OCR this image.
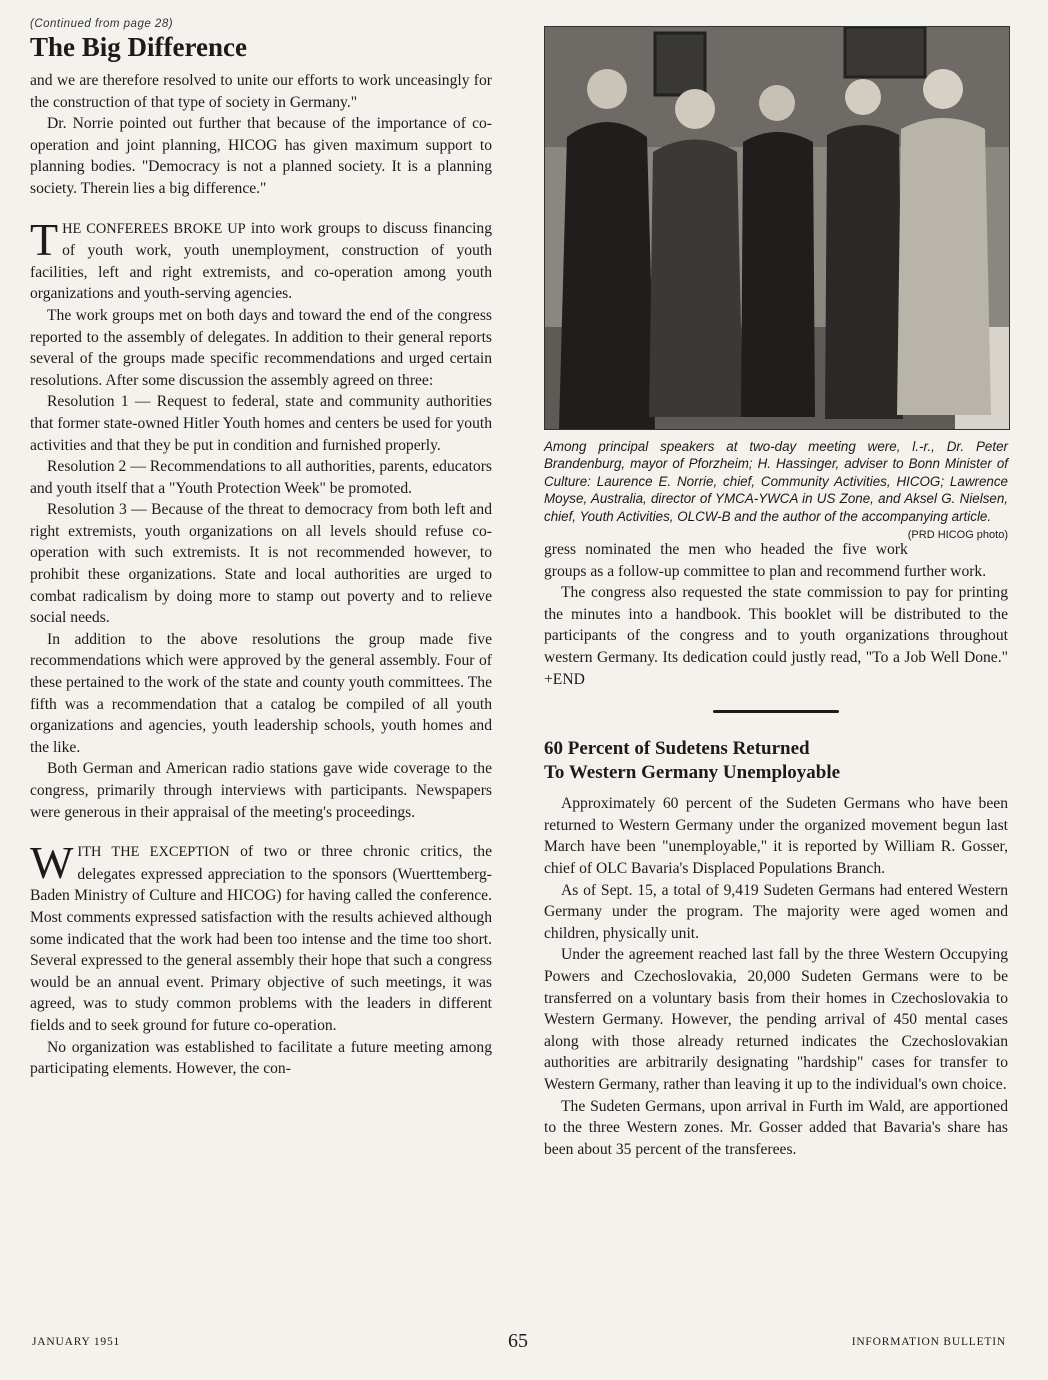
(Continued from page 28)
The Big Difference

and we are therefore resolved to unite our efforts to work unceasingly for the construction of that type of society in Germany."

Dr. Norrie pointed out further that because of the importance of co-operation and joint planning, HICOG has given maximum support to planning bodies. "Democracy is not a planned society. It is a planning society. Therein lies a big difference."

THE CONFEREES BROKE UP into work groups to discuss financing of youth work, youth unemployment, construction of youth facilities, left and right extremists, and co-operation among youth organizations and youth-serving agencies.

The work groups met on both days and toward the end of the congress reported to the assembly of delegates. In addition to their general reports several of the groups made specific recommendations and urged certain resolutions. After some discussion the assembly agreed on three:

Resolution 1 — Request to federal, state and community authorities that former state-owned Hitler Youth homes and centers be used for youth activities and that they be put in condition and furnished properly.

Resolution 2 — Recommendations to all authorities, parents, educators and youth itself that a "Youth Protection Week" be promoted.

Resolution 3 — Because of the threat to democracy from both left and right extremists, youth organizations on all levels should refuse co-operation with such extremists. It is not recommended however, to prohibit these organizations. State and local authorities are urged to combat radicalism by doing more to stamp out poverty and to relieve social needs.

In addition to the above resolutions the group made five recommendations which were approved by the general assembly. Four of these pertained to the work of the state and county youth committees. The fifth was a recommendation that a catalog be compiled of all youth organizations and agencies, youth leadership schools, youth homes and the like.

Both German and American radio stations gave wide coverage to the congress, primarily through interviews with participants. Newspapers were generous in their appraisal of the meeting's proceedings.

WITH THE EXCEPTION of two or three chronic critics, the delegates expressed appreciation to the sponsors (Wuerttemberg-Baden Ministry of Culture and HICOG) for having called the conference. Most comments expressed satisfaction with the results achieved although some indicated that the work had been too intense and the time too short. Several expressed to the general assembly their hope that such a congress would be an annual event. Primary objective of such meetings, it was agreed, was to study common problems with the leaders in different fields and to seek ground for future co-operation.

No organization was established to facilitate a future meeting among participating elements. However, the con-

Among principal speakers at two-day meeting were, l.-r., Dr. Peter Brandenburg, mayor of Pforzheim; H. Hassinger, adviser to Bonn Minister of Culture: Laurence E. Norrie, chief, Community Activities, HICOG; Lawrence Moyse, Australia, director of YMCA-YWCA in US Zone, and Aksel G. Nielsen, chief, Youth Activities, OLCW-B and the author of the accompanying article.
(PRD HICOG photo)

gress nominated the men who headed the five work groups as a follow-up committee to plan and recommend further work.

The congress also requested the state commission to pay for printing the minutes into a handbook. This booklet will be distributed to the participants of the congress and to youth organizations throughout western Germany. Its dedication could justly read, "To a Job Well Done." +END

60 Percent of Sudetens Returned
To Western Germany Unemployable

Approximately 60 percent of the Sudeten Germans who have been returned to Western Germany under the organized movement begun last March have been "unemployable," it is reported by William R. Gosser, chief of OLC Bavaria's Displaced Populations Branch.

As of Sept. 15, a total of 9,419 Sudeten Germans had entered Western Germany under the program. The majority were aged women and children, physically unit.

Under the agreement reached last fall by the three Western Occupying Powers and Czechoslovakia, 20,000 Sudeten Germans were to be transferred on a voluntary basis from their homes in Czechoslovakia to Western Germany. However, the pending arrival of 450 mental cases along with those already returned indicates the Czechoslovakian authorities are arbitrarily designating "hardship" cases for transfer to Western Germany, rather than leaving it up to the individual's own choice.

The Sudeten Germans, upon arrival in Furth im Wald, are apportioned to the three Western zones. Mr. Gosser added that Bavaria's share has been about 35 percent of the transferees.

JANUARY 1951	65	INFORMATION BULLETIN
